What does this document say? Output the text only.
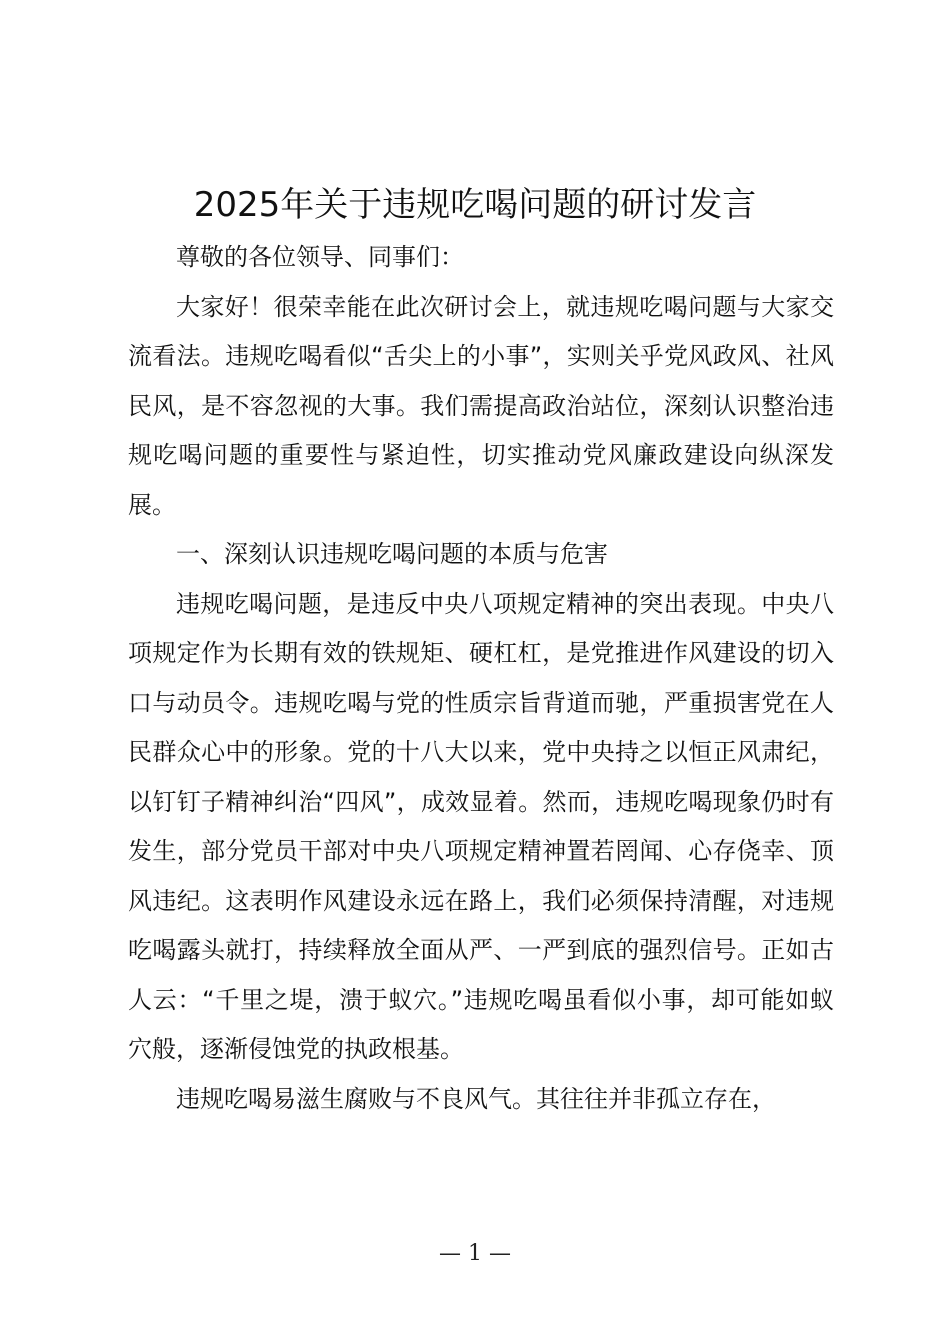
2025年关于违规吃喝问题的研讨发言

尊敬的各位领导、同事们：

大家好！很荣幸能在此次研讨会上，就违规吃喝问题与大家交流看法。违规吃喝看似“舌尖上的小事”，实则关乎党风政风、社风民风，是不容忽视的大事。我们需提高政治站位，深刻认识整治违规吃喝问题的重要性与紧迫性，切实推动党风廉政建设向纵深发展。

一、深刻认识违规吃喝问题的本质与危害

违规吃喝问题，是违反中央八项规定精神的突出表现。中央八项规定作为长期有效的铁规矩、硬杠杠，是党推进作风建设的切入口与动员令。违规吃喝与党的性质宗旨背道而驰，严重损害党在人民群众心中的形象。党的十八大以来，党中央持之以恒正风肃纪，以钉钉子精神纠治“四风”，成效显着。然而，违规吃喝现象仍时有发生，部分党员干部对中央八项规定精神置若罔闻、心存侥幸、顶风违纪。这表明作风建设永远在路上，我们必须保持清醒，对违规吃喝露头就打，持续释放全面从严、一严到底的强烈信号。正如古人云：“千里之堤，溃于蚁穴。”违规吃喝虽看似小事，却可能如蚁穴般，逐渐侵蚀党的执政根基。

违规吃喝易滋生腐败与不良风气。其往往并非孤立存在，

— 1 —
